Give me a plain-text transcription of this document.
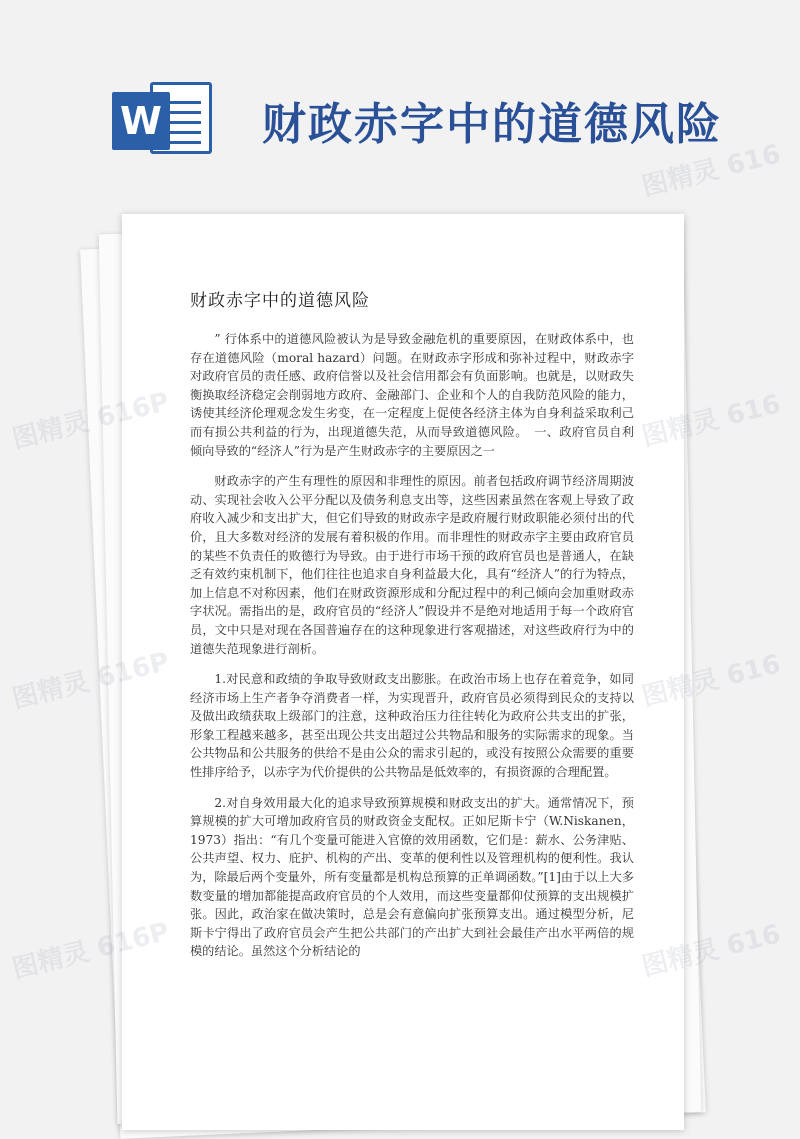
W 财政赤字中的道德风险
财政赤字中的道德风险

” 行体系中的道德风险被认为是导致金融危机的重要原因，在财政体系中，也存在道德风险（moral hazard）问题。在财政赤字形成和弥补过程中，财政赤字对政府官员的责任感、政府信誉以及社会信用都会有负面影响。也就是，以财政失衡换取经济稳定会削弱地方政府、金融部门、企业和个人的自我防范风险的能力，诱使其经济伦理观念发生劣变，在一定程度上促使各经济主体为自身利益采取利己而有损公共利益的行为，出现道德失范，从而导致道德风险。　一、政府官员自利倾向导致的“经济人”行为是产生财政赤字的主要原因之一

财政赤字的产生有理性的原因和非理性的原因。前者包括政府调节经济周期波动、实现社会收入公平分配以及债务利息支出等，这些因素虽然在客观上导致了政府收入减少和支出扩大，但它们导致的财政赤字是政府履行财政职能必须付出的代价，且大多数对经济的发展有着积极的作用。而非理性的财政赤字主要由政府官员的某些不负责任的败德行为导致。由于进行市场干预的政府官员也是普通人，在缺乏有效约束机制下，他们往往也追求自身利益最大化，具有“经济人”的行为特点，加上信息不对称因素，他们在财政资源形成和分配过程中的利己倾向会加重财政赤字状况。需指出的是，政府官员的“经济人”假设并不是绝对地适用于每一个政府官员，文中只是对现在各国普遍存在的这种现象进行客观描述，对这些政府行为中的道德失范现象进行剖析。

1.对民意和政绩的争取导致财政支出膨胀。在政治市场上也存在着竞争，如同经济市场上生产者争夺消费者一样，为实现晋升，政府官员必须得到民众的支持以及做出政绩获取上级部门的注意，这种政治压力往往转化为政府公共支出的扩张，形象工程越来越多，甚至出现公共支出超过公共物品和服务的实际需求的现象。当公共物品和公共服务的供给不是由公众的需求引起的，或没有按照公众需要的重要性排序给予，以赤字为代价提供的公共物品是低效率的，有损资源的合理配置。

2.对自身效用最大化的追求导致预算规模和财政支出的扩大。通常情况下，预算规模的扩大可增加政府官员的财政资金支配权。正如尼斯卡宁（W.Niskanen，1973）指出：“有几个变量可能进入官僚的效用函数，它们是：薪水、公务津贴、公共声望、权力、庇护、机构的产出、变革的便利性以及管理机构的便利性。我认为，除最后两个变量外，所有变量都是机构总预算的正单调函数。”[1]由于以上大多数变量的增加都能提高政府官员的个人效用，而这些变量都仰仗预算的支出规模扩张。因此，政治家在做决策时，总是会有意偏向扩张预算支出。通过模型分析，尼斯卡宁得出了政府官员会产生把公共部门的产出扩大到社会最佳产出水平两倍的规模的结论。虽然这个分析结论的

图精灵 616
图精灵	图精灵 616
图精灵 616P	图精灵 616
图精灵 616P	图精灵 616
